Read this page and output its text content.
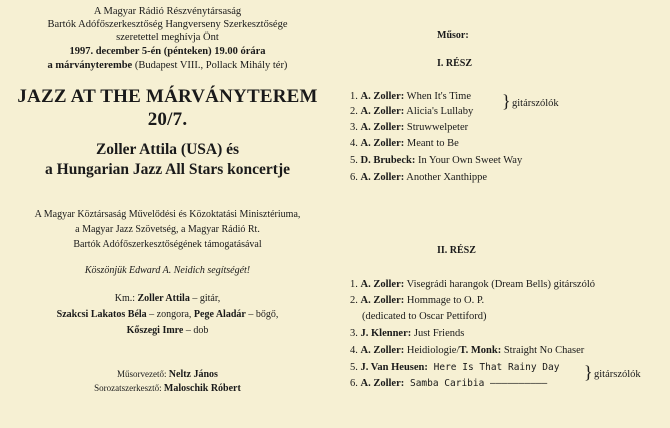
A Magyar Rádió Részvénytársaság
Bartók Adófőszerkesztőség Hangverseny Szerkesztősége
szeretettel meghívja Önt
1997. december 5-én (pénteken) 19.00 órára
a márványterembe (Budapest VIII., Pollack Mihály tér)
JAZZ AT THE MÁRVÁNYTEREM
20/7.
Zoller Attila (USA) és
a Hungarian Jazz All Stars koncertje
A Magyar Köztársaság Művelődési és Közoktatási Minisztériuma,
a Magyar Jazz Szövetség, a Magyar Rádió Rt.
Bartók Adófőszerkesztőségének támogatásával
Köszönjük Edward A. Neidich segítségét!
Km.: Zoller Attila – gitár,
Szakcsi Lakatos Béla – zongora, Pege Aladár – bőgő,
Kőszegi Imre – dob
Műsorvezető: Neltz János
Sorozatszerkesztő: Maloschik Róbert
Műsor:
I. RÉSZ
1. A. Zoller: When It's Time
2. A. Zoller: Alicia's Lullaby
} gitárszólók
3. A. Zoller: Struwwelpeter
4. A. Zoller: Meant to Be
5. D. Brubeck: In Your Own Sweet Way
6. A. Zoller: Another Xanthippe
II. RÉSZ
1. A. Zoller: Visegrádi harangok (Dream Bells) gitárszóló
2. A. Zoller: Hommage to O. P.
(dedicated to Oscar Pettiford)
3. J. Klenner: Just Friends
4. A. Zoller: Heidiologie/T. Monk: Straight No Chaser
5. J. Van Heusen: Here Is That Rainy Day
6. A. Zoller: Samba Caribia ––––––––––
} gitárszólók
